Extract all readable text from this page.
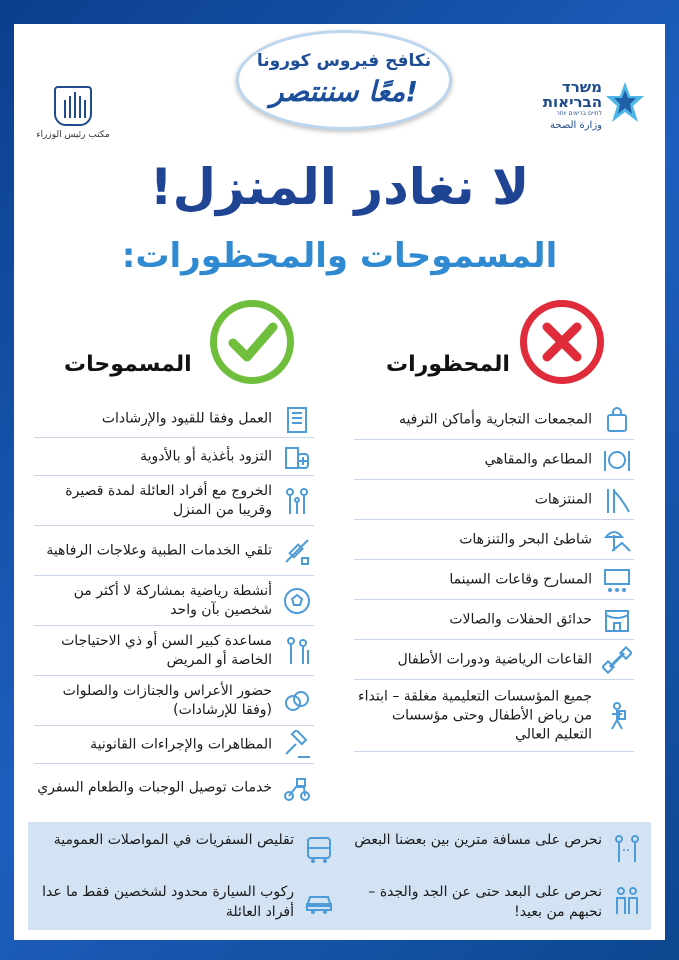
مكتب رئيس الوزراء
نكافح فيروس كورونا
معًا سننتصر!	משרד הבריאות
לחיים בריאים יותר
وزارة الصحة
لا نغادر المنزل!
المسموحات والمحظورات:
المسموحات	المحظورات
المجمعات التجارية وأماكن الترفيه
المطاعم والمقاهي
المنتزهات
شاطئ البحر والتنزهات
المسارح وقاعات السينما
حدائق الحفلات والصالات
القاعات الرياضية ودورات الأطفال
جميع المؤسسات التعليمية مغلقة – ابتداء من رياض الأطفال وحتى مؤسسات التعليم العالي
العمل وفقا للقيود والإرشادات
التزود بأغذية أو بالأدوية
الخروج مع أفراد العائلة لمدة قصيرة وقريبا من المنزل
تلقي الخدمات الطبية وعلاجات الرفاهية
أنشطة رياضية بمشاركة لا أكثر من شخصين بآن واحد
مساعدة كبير السن أو ذي الاحتياجات الخاصة أو المريض
حضور الأعراس والجنازات والصلوات (وفقا للإرشادات)
المظاهرات والإجراءات القانونية
خدمات توصيل الوجبات والطعام السفري
نحرص على مسافة مترين بين بعضنا البعض
تقليص السفريات في المواصلات العمومية
نحرص على البعد حتى عن الجد والجدة – نحبهم من بعيد!
ركوب السيارة محدود لشخصين فقط ما عدا أفراد العائلة
